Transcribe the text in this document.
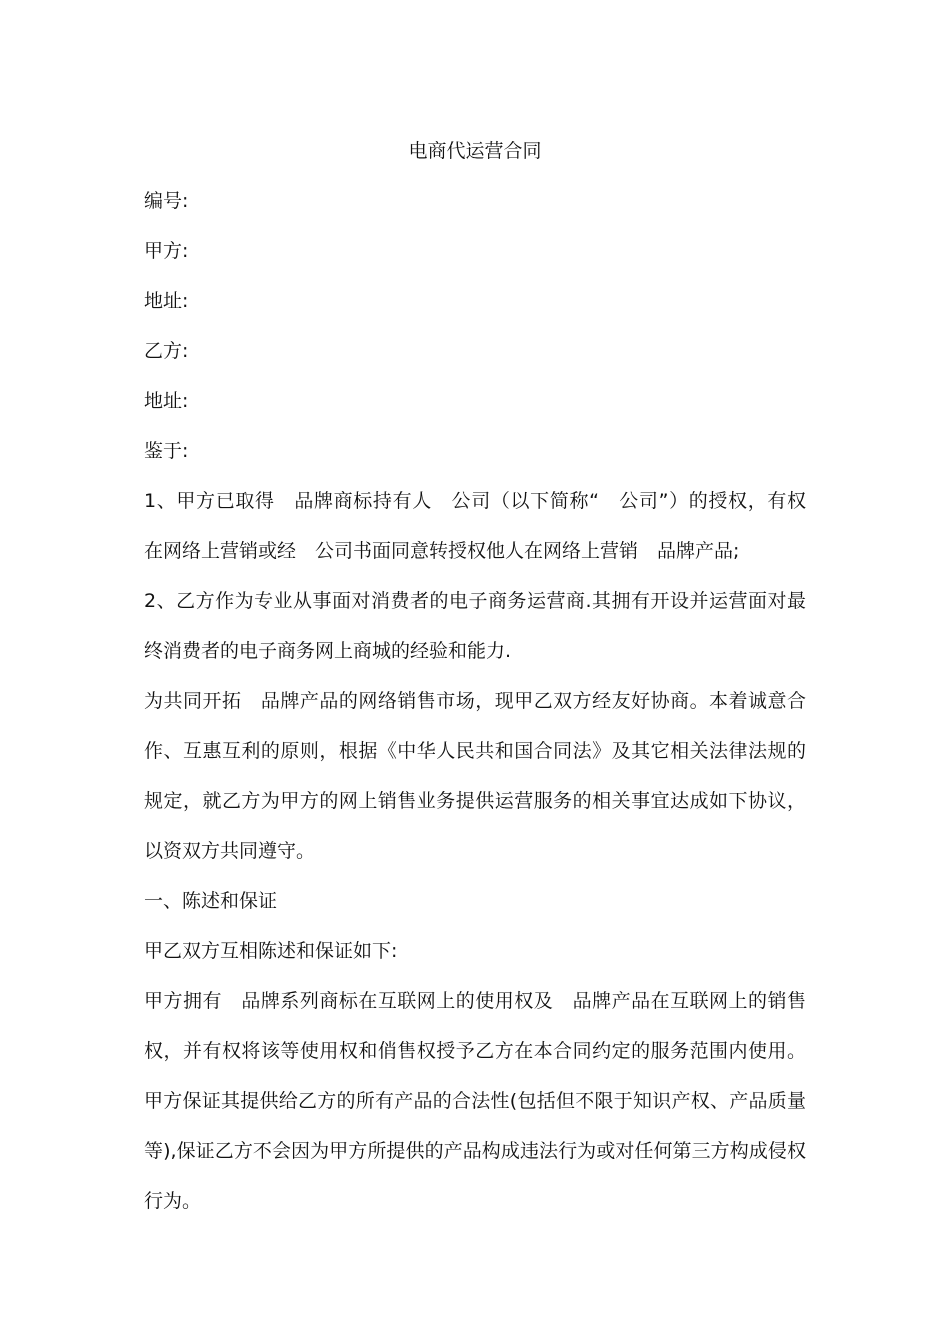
电商代运营合同

编号:

甲方:

地址:

乙方:

地址:

鉴于:

1、甲方已取得　品牌商标持有人　公司（以下简称“　公司”）的授权，有权

在网络上营销或经　公司书面同意转授权他人在网络上营销　品牌产品;

2、乙方作为专业从事面对消费者的电子商务运营商.其拥有开设并运营面对最

终消费者的电子商务网上商城的经验和能力.

为共同开拓　品牌产品的网络销售市场，现甲乙双方经友好协商。本着诚意合

作、互惠互利的原则，根据《中华人民共和国合同法》及其它相关法律法规的

规定，就乙方为甲方的网上销售业务提供运营服务的相关事宜达成如下协议，

以资双方共同遵守。

一、陈述和保证

甲乙双方互相陈述和保证如下:

甲方拥有　品牌系列商标在互联网上的使用权及　品牌产品在互联网上的销售

权，并有权将该等使用权和俏售权授予乙方在本合同约定的服务范围内使用。

甲方保证其提供给乙方的所有产品的合法性(包括但不限于知识产权、产品质量

等),保证乙方不会因为甲方所提供的产品构成违法行为或对任何第三方构成侵权

行为。
